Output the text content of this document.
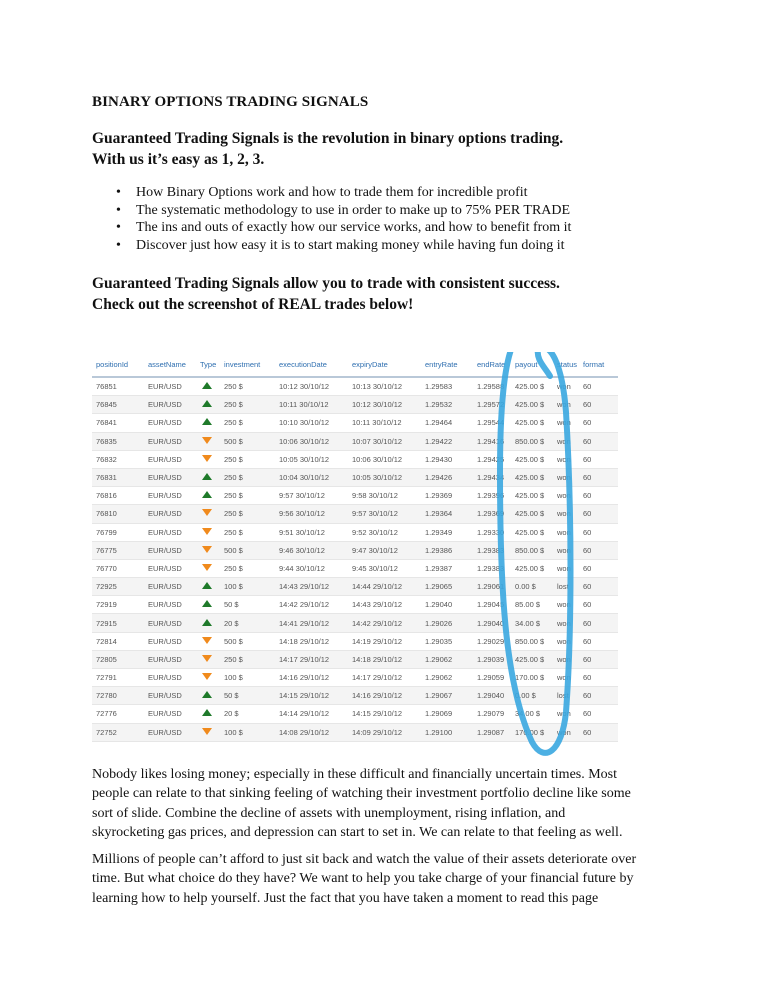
BINARY OPTIONS TRADING SIGNALS
Guaranteed Trading Signals is the revolution in binary options trading.
With us it’s easy as 1, 2, 3.
• How Binary Options work and how to trade them for incredible profit
• The systematic methodology to use in order to make up to 75% PER TRADE
• The ins and outs of exactly how our service works, and how to benefit from it
• Discover just how easy it is to start making money while having fun doing it
Guaranteed Trading Signals allow you to trade with consistent success.
Check out the screenshot of REAL trades below!
positionId	assetName	Type	investment	executionDate	expiryDate	entryRate	endRate	payout	status	format
76851	EUR/USD		250 $	10:12 30/10/12	10:13 30/10/12	1.29583	1.29588	425.00 $	won	60
76845	EUR/USD		250 $	10:11 30/10/12	10:12 30/10/12	1.29532	1.29572	425.00 $	won	60
76841	EUR/USD		250 $	10:10 30/10/12	10:11 30/10/12	1.29464	1.29544	425.00 $	won	60
76835	EUR/USD		500 $	10:06 30/10/12	10:07 30/10/12	1.29422	1.29416	850.00 $	won	60
76832	EUR/USD		250 $	10:05 30/10/12	10:06 30/10/12	1.29430	1.29425	425.00 $	won	60
76831	EUR/USD		250 $	10:04 30/10/12	10:05 30/10/12	1.29426	1.29434	425.00 $	won	60
76816	EUR/USD		250 $	9:57 30/10/12	9:58 30/10/12	1.29369	1.29396	425.00 $	won	60
76810	EUR/USD		250 $	9:56 30/10/12	9:57 30/10/12	1.29364	1.29369	425.00 $	won	60
76799	EUR/USD		250 $	9:51 30/10/12	9:52 30/10/12	1.29349	1.29330	425.00 $	won	60
76775	EUR/USD		500 $	9:46 30/10/12	9:47 30/10/12	1.29386	1.29383	850.00 $	won	60
76770	EUR/USD		250 $	9:44 30/10/12	9:45 30/10/12	1.29387	1.29383	425.00 $	won	60
72925	EUR/USD		100 $	14:43 29/10/12	14:44 29/10/12	1.29065	1.29061	0.00 $	lost	60
72919	EUR/USD		50 $	14:42 29/10/12	14:43 29/10/12	1.29040	1.29045	85.00 $	won	60
72915	EUR/USD		20 $	14:41 29/10/12	14:42 29/10/12	1.29026	1.29040	34.00 $	won	60
72814	EUR/USD		500 $	14:18 29/10/12	14:19 29/10/12	1.29035	1.29029	850.00 $	won	60
72805	EUR/USD		250 $	14:17 29/10/12	14:18 29/10/12	1.29062	1.29039	425.00 $	won	60
72791	EUR/USD		100 $	14:16 29/10/12	14:17 29/10/12	1.29062	1.29059	170.00 $	won	60
72780	EUR/USD		50 $	14:15 29/10/12	14:16 29/10/12	1.29067	1.29040	0.00 $	lost	60
72776	EUR/USD		20 $	14:14 29/10/12	14:15 29/10/12	1.29069	1.29079	34.00 $	won	60
72752	EUR/USD		100 $	14:08 29/10/12	14:09 29/10/12	1.29100	1.29087	170.00 $	won	60
Nobody likes losing money; especially in these difficult and financially uncertain times. Most
people can relate to that sinking feeling of watching their investment portfolio decline like some
sort of slide. Combine the decline of assets with unemployment, rising inflation, and
skyrocketing gas prices, and depression can start to set in. We can relate to that feeling as well.
Millions of people can’t afford to just sit back and watch the value of their assets deteriorate over
time. But what choice do they have? We want to help you take charge of your financial future by
learning how to help yourself. Just the fact that you have taken a moment to read this page
